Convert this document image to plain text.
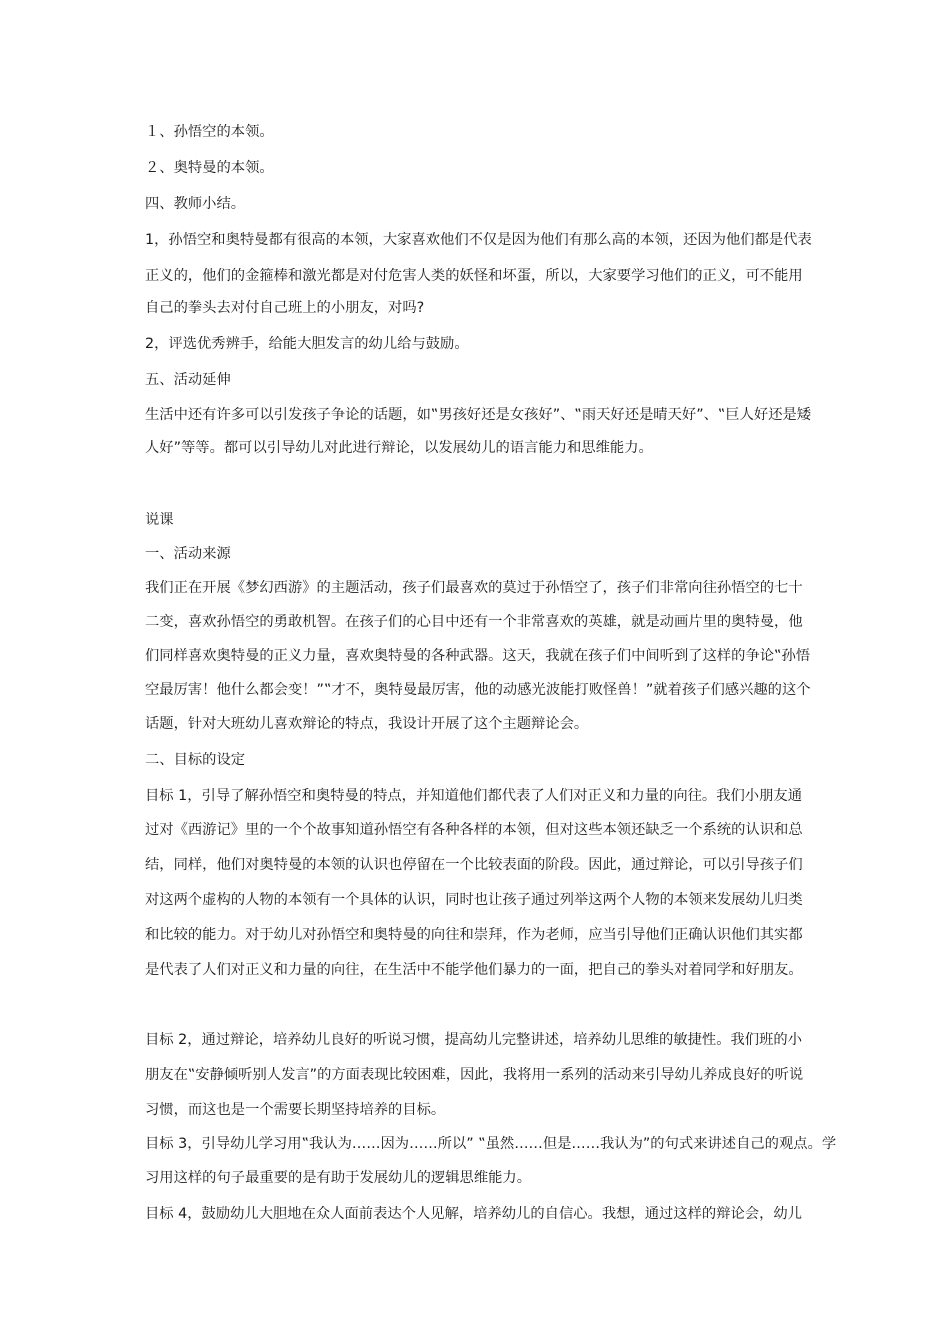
１、孙悟空的本领。
２、奥特曼的本领。
四、教师小结。
1，孙悟空和奥特曼都有很高的本领，大家喜欢他们不仅是因为他们有那么高的本领，还因为他们都是代表
正义的，他们的金箍棒和激光都是对付危害人类的妖怪和坏蛋，所以，大家要学习他们的正义，可不能用
自己的拳头去对付自己班上的小朋友，对吗?
2，评选优秀辨手，给能大胆发言的幼儿给与鼓励。
五、活动延伸
生活中还有许多可以引发孩子争论的话题，如‟男孩好还是女孩好”、‟雨天好还是晴天好”、‟巨人好还是矮
人好”等等。都可以引导幼儿对此进行辩论，以发展幼儿的语言能力和思维能力。
说课
一、活动来源
我们正在开展《梦幻西游》的主题活动，孩子们最喜欢的莫过于孙悟空了，孩子们非常向往孙悟空的七十
二变，喜欢孙悟空的勇敢机智。在孩子们的心目中还有一个非常喜欢的英雄，就是动画片里的奥特曼，他
们同样喜欢奥特曼的正义力量，喜欢奥特曼的各种武器。这天，我就在孩子们中间听到了这样的争论‟孙悟
空最厉害！他什么都会变！”‟才不，奥特曼最厉害，他的动感光波能打败怪兽！”就着孩子们感兴趣的这个
话题，针对大班幼儿喜欢辩论的特点，我设计开展了这个主题辩论会。
二、目标的设定
目标 1，引导了解孙悟空和奥特曼的特点，并知道他们都代表了人们对正义和力量的向往。我们小朋友通
过对《西游记》里的一个个故事知道孙悟空有各种各样的本领，但对这些本领还缺乏一个系统的认识和总
结，同样，他们对奥特曼的本领的认识也停留在一个比较表面的阶段。因此，通过辩论，可以引导孩子们
对这两个虚构的人物的本领有一个具体的认识，同时也让孩子通过列举这两个人物的本领来发展幼儿归类
和比较的能力。对于幼儿对孙悟空和奥特曼的向往和崇拜，作为老师，应当引导他们正确认识他们其实都
是代表了人们对正义和力量的向往，在生活中不能学他们暴力的一面，把自己的拳头对着同学和好朋友。
目标 2，通过辩论，培养幼儿良好的听说习惯，提高幼儿完整讲述，培养幼儿思维的敏捷性。我们班的小
朋友在‟安静倾听别人发言”的方面表现比较困难，因此，我将用一系列的活动来引导幼儿养成良好的听说
习惯，而这也是一个需要长期坚持培养的目标。
目标 3，引导幼儿学习用‟我认为……因为……所以” ‟虽然……但是……我认为”的句式来讲述自己的观点。学
习用这样的句子最重要的是有助于发展幼儿的逻辑思维能力。
目标 4，鼓励幼儿大胆地在众人面前表达个人见解，培养幼儿的自信心。我想，通过这样的辩论会，幼儿
